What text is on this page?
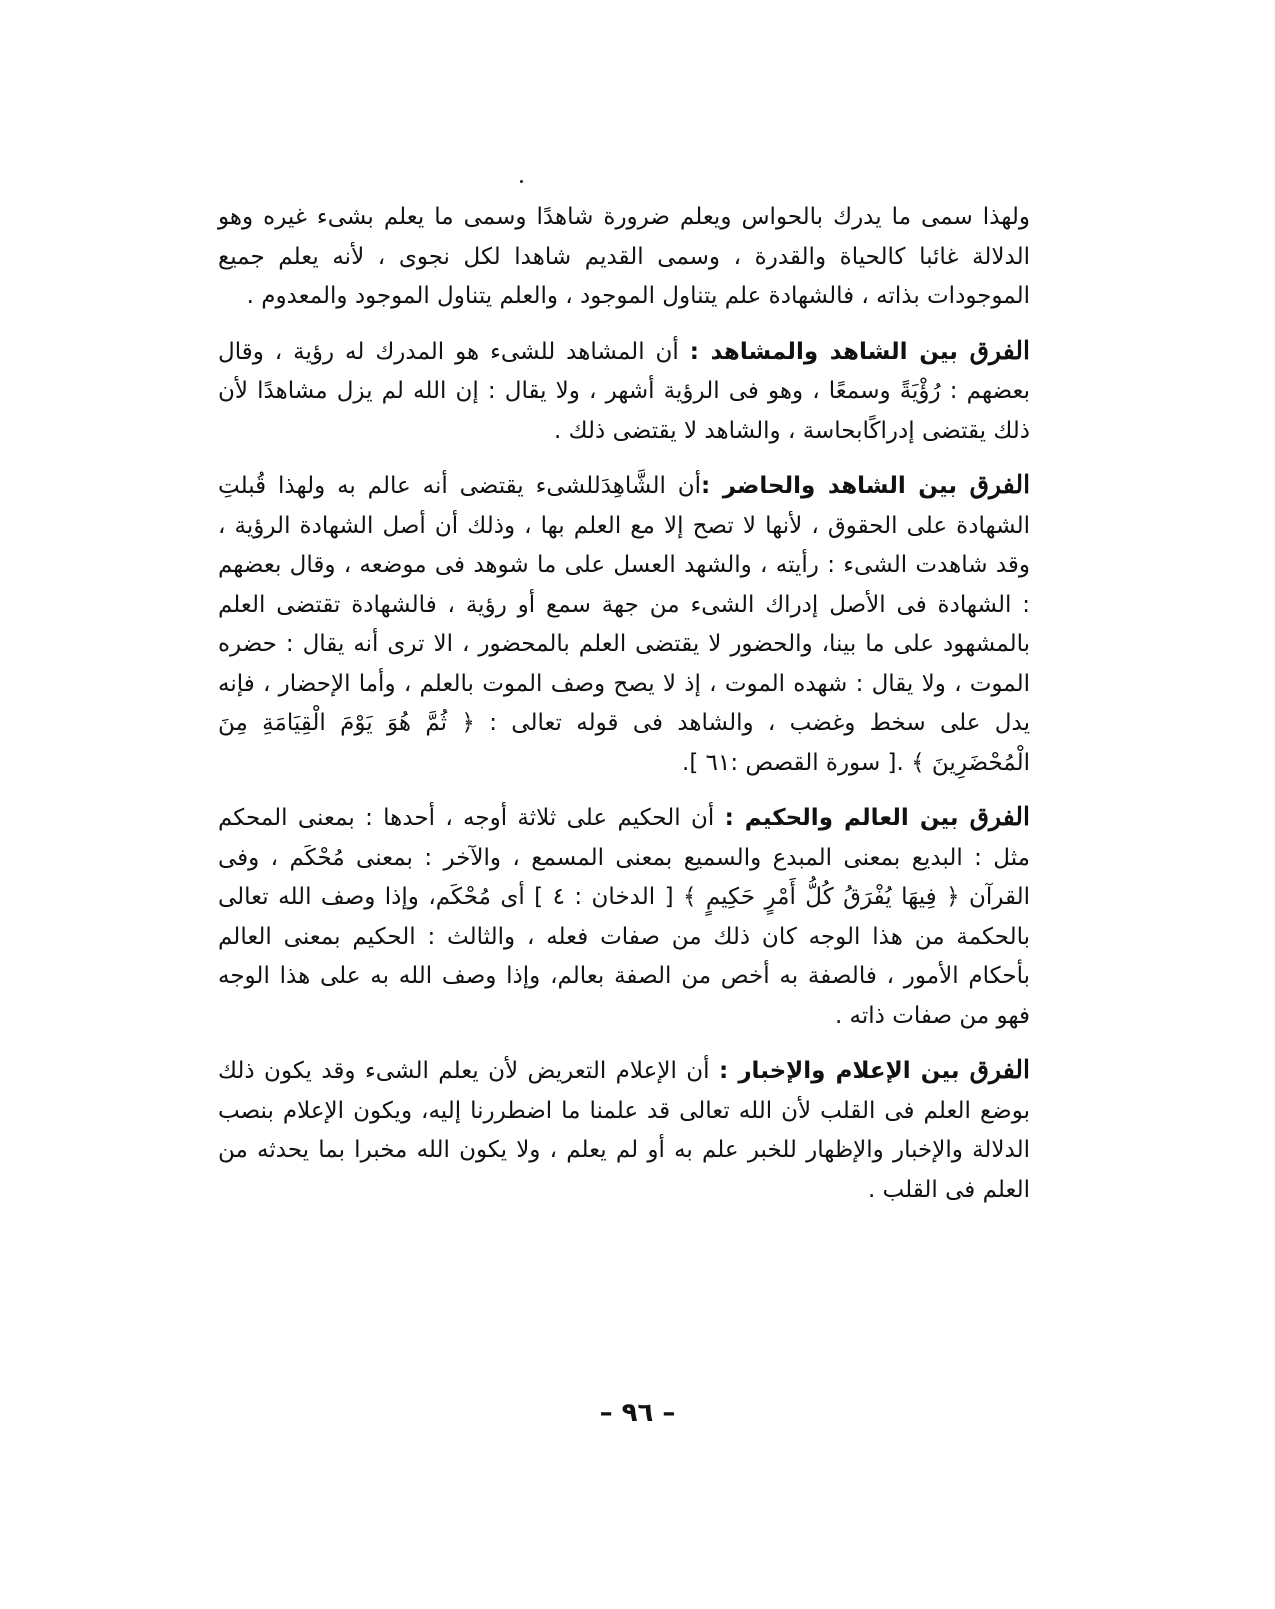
ولهذا سمى ما يدرك بالحواس ويعلم ضرورة شاهدًا وسمى ما يعلم بشىء غيره وهو الدلالة غائبا كالحياة والقدرة ، وسمى القديم شاهدا لكل نجوى ، لأنه يعلم جميع الموجودات بذاته ، فالشهادة علم يتناول الموجود ، والعلم يتناول الموجود والمعدوم .

الفرق بين الشاهد والمشاهد : أن المشاهد للشىء هو المدرك له رؤية ، وقال بعضهم : رُؤْيَةً وسمعًا ، وهو فى الرؤية أشهر ، ولا يقال : إن الله لم يزل مشاهدًا لأن ذلك يقتضى إدراكًابحاسة ، والشاهد لا يقتضى ذلك .

الفرق بين الشاهد والحاضر :أن الشَّاهِدَللشىء يقتضى أنه عالم به ولهذا قُبلتِ الشهادة على الحقوق ، لأنها لا تصح إلا مع العلم بها ، وذلك أن أصل الشهادة الرؤية ، وقد شاهدت الشىء : رأيته ، والشهد العسل على ما شوهد فى موضعه ، وقال بعضهم : الشهادة فى الأصل إدراك الشىء من جهة سمع أو رؤية ، فالشهادة تقتضى العلم بالمشهود على ما بينا، والحضور لا يقتضى العلم بالمحضور ، الا ترى أنه يقال : حضره الموت ، ولا يقال : شهده الموت ، إذ لا يصح وصف الموت بالعلم ، وأما الإحضار ، فإنه يدل على سخط وغضب ، والشاهد فى قوله تعالى : ﴿ ثُمَّ هُوَ يَوْمَ الْقِيَامَةِ مِنَ الْمُحْضَرِينَ ﴾ .[ سورة القصص :٦١ ].

الفرق بين العالم والحكيم : أن الحكيم على ثلاثة أوجه ، أحدها : بمعنى المحكم مثل : البديع بمعنى المبدع والسميع بمعنى المسمع ، والآخر : بمعنى مُحْكَم ، وفى القرآن ﴿ فِيهَا يُفْرَقُ كُلُّ أَمْرٍ حَكِيمٍ ﴾ [ الدخان : ٤ ] أى مُحْكَم، وإذا وصف الله تعالى بالحكمة من هذا الوجه كان ذلك من صفات فعله ، والثالث : الحكيم بمعنى العالم بأحكام الأمور ، فالصفة به أخص من الصفة بعالم، وإذا وصف الله به على هذا الوجه فهو من صفات ذاته .

الفرق بين الإعلام والإخبار : أن الإعلام التعريض لأن يعلم الشىء وقد يكون ذلك بوضع العلم فى القلب لأن الله تعالى قد علمنا ما اضطررنا إليه، ويكون الإعلام بنصب الدلالة والإخبار والإظهار للخبر علم به أو لم يعلم ، ولا يكون الله مخبرا بما يحدثه من العلم فى القلب .

– ٩٦ –
